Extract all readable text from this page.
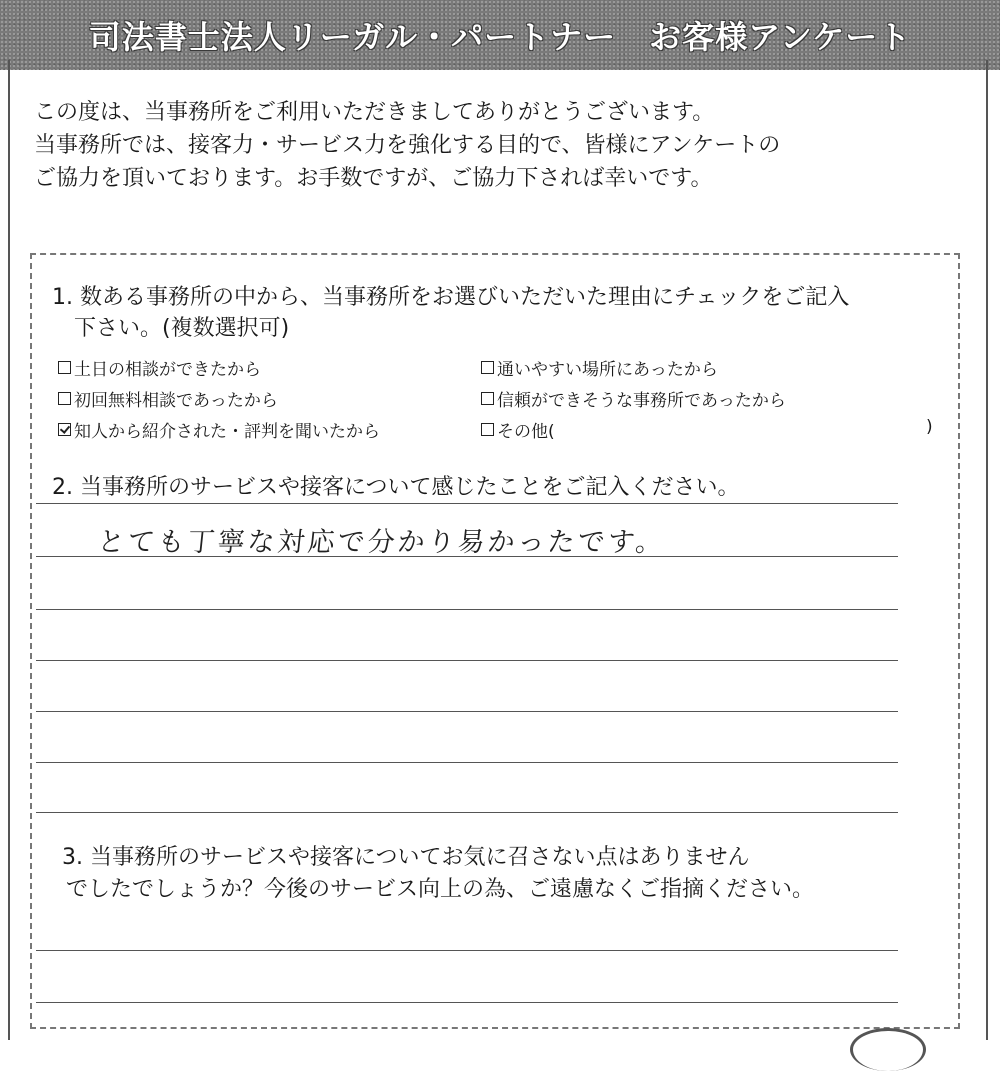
司法書士法人リーガル・パートナー　お客様アンケート
この度は、当事務所をご利用いただきましてありがとうございます。
当事務所では、接客力・サービス力を強化する目的で、皆様にアンケートの
ご協力を頂いております。お手数ですが、ご協力下されば幸いです。
1. 数ある事務所の中から、当事務所をお選びいただいた理由にチェックをご記入
下さい。(複数選択可)
土日の相談ができたから	通いやすい場所にあったから
初回無料相談であったから	信頼ができそうな事務所であったから
知人から紹介された・評判を聞いたから	その他(	)
2. 当事務所のサービスや接客について感じたことをご記入ください。
とても丁寧な対応で分かり易かったです。
3. 当事務所のサービスや接客についてお気に召さない点はありません
でしたでしょうか？今後のサービス向上の為、ご遠慮なくご指摘ください。
